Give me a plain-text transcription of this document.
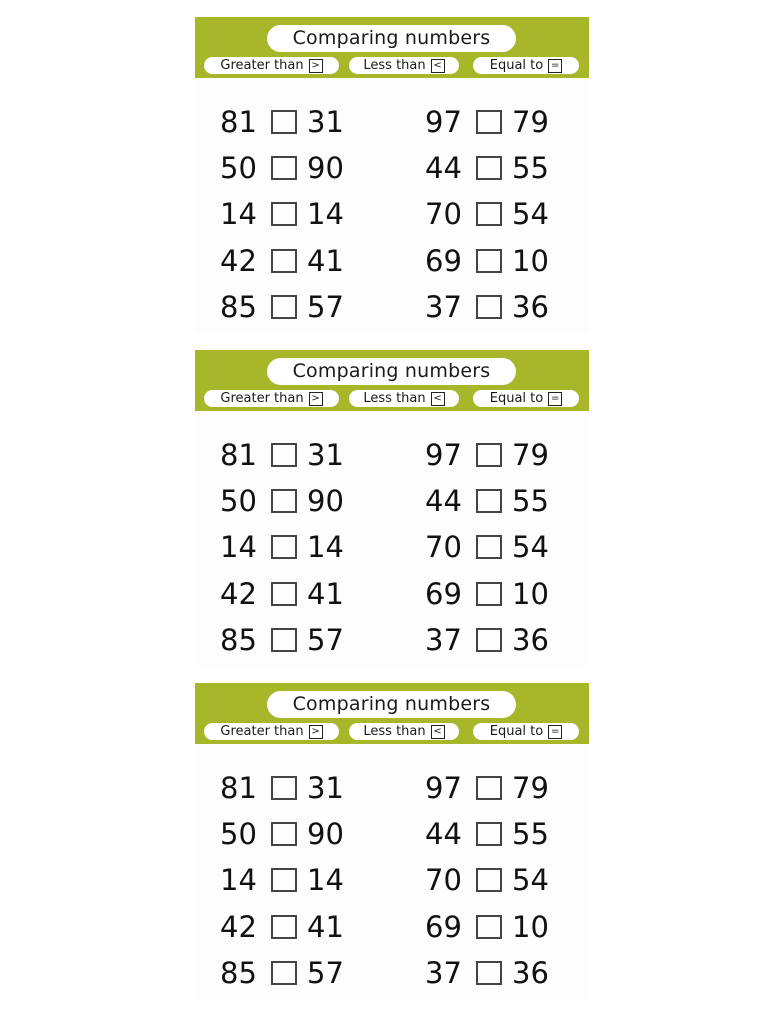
Comparing numbers
Greater than >	Less than <	Equal to =
81 31
50 90
14 14
42 41
85 57
97 79
44 55
70 54
69 10
37 36
Comparing numbers
Greater than >	Less than <	Equal to =
81 31
50 90
14 14
42 41
85 57
97 79
44 55
70 54
69 10
37 36
Comparing numbers
Greater than >	Less than <	Equal to =
81 31
50 90
14 14
42 41
85 57
97 79
44 55
70 54
69 10
37 36
